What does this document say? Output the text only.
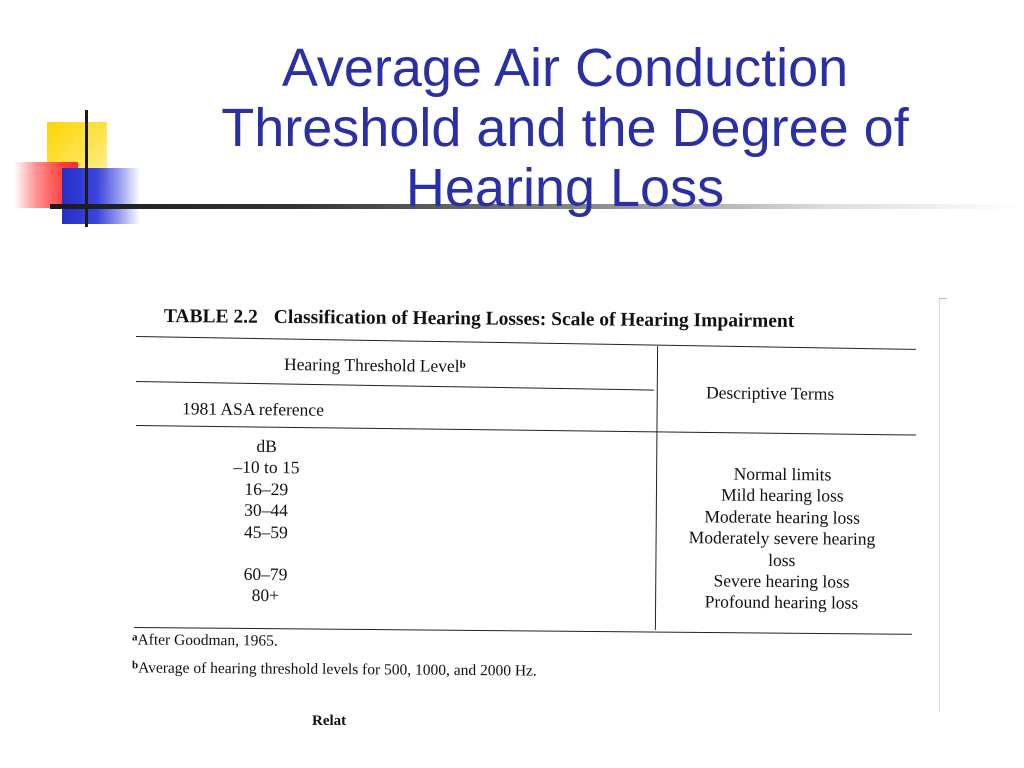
Average Air Conduction
Threshold and the Degree of
Hearing Loss
TABLE 2.2 Classification of Hearing Losses: Scale of Hearing Impairment
Hearing Threshold Level$^b$
1981 ASA reference
Descriptive Terms
dB
–10 to 15
16–29
30–44
45–59
60–79
80+
Normal limits
Mild hearing loss
Moderate hearing loss
Moderately severe hearing
loss
Severe hearing loss
Profound hearing loss
$^a$After Goodman, 1965.
$^b$Average of hearing threshold levels for 500, 1000, and 2000 Hz.
Relat
